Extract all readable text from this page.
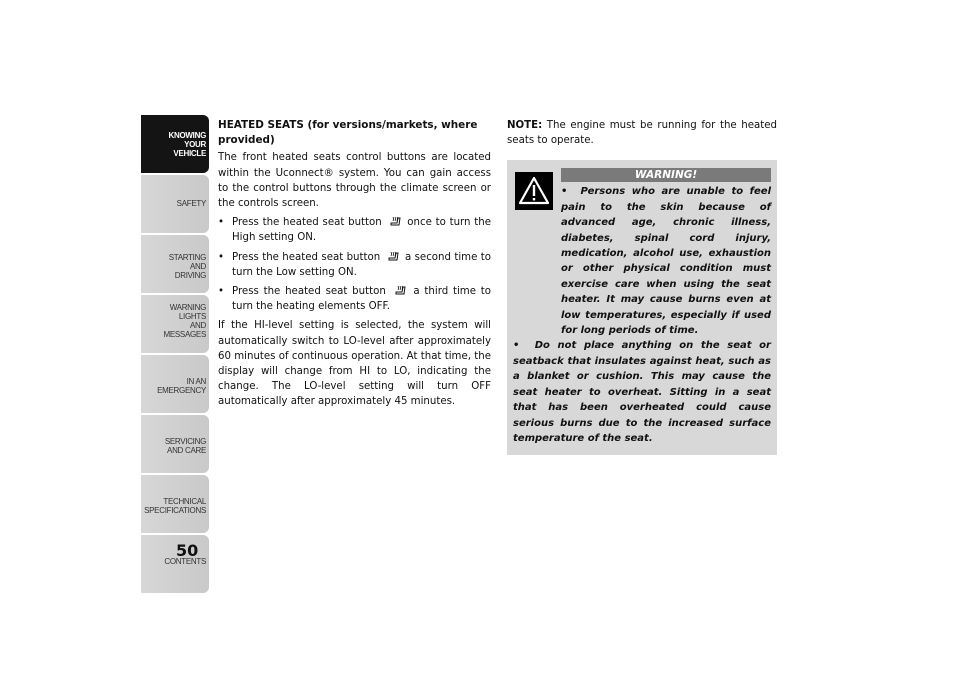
KNOWING
YOUR
VEHICLE
SAFETY
STARTING
AND
DRIVING
WARNING
LIGHTS
AND
MESSAGES
IN AN
EMERGENCY
SERVICING
AND CARE
TECHNICAL
SPECIFICATIONS
CONTENTS
50
HEATED SEATS (for versions/markets, where provided)

The front heated seats control buttons are located within the Uconnect® system. You can gain access to the control buttons through the climate screen or the controls screen.

• Press the heated seat button	once to turn the High setting ON.
• Press the heated seat button a second time to turn the Low setting ON.
• Press the heated seat button	a third time to turn the heating elements OFF.

If the HI-level setting is selected, the system will automatically switch to LO-level after approximately 60 minutes of continuous operation. At that time, the display will change from HI to LO, indicating the change. The LO-level setting will turn OFF automatically after approximately 45 minutes.

NOTE: The engine must be running for the heated seats to operate.

WARNING!

•  Persons who are unable to feel pain to the skin because of advanced age, chronic illness, diabetes, spinal cord injury, medication, alcohol use, exhaustion or other physical condition must exercise care when using the seat heater. It may cause burns even at low temperatures, especially if used for long periods of time.
•  Do not place anything on the seat or seatback that insulates against heat, such as a blanket or cushion. This may cause the seat heater to overheat. Sitting in a seat that has been overheated could cause serious burns due to the increased surface temperature of the seat.
